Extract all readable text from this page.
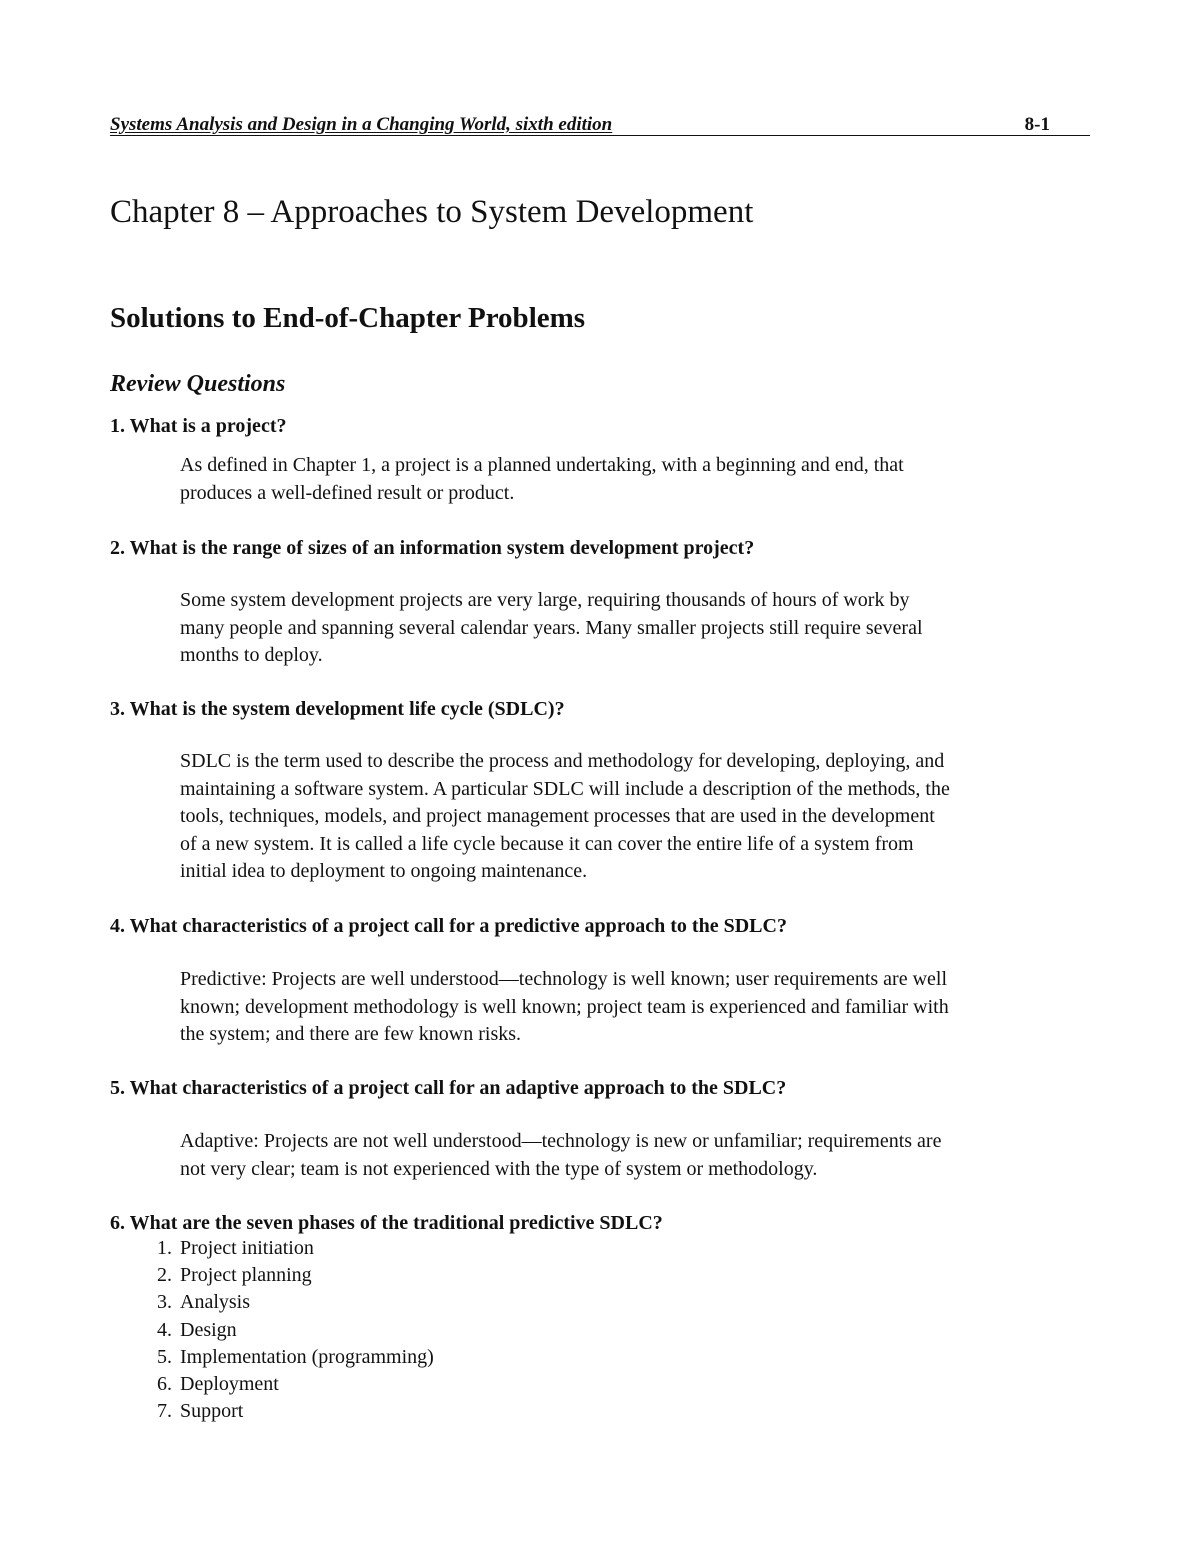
Systems Analysis and Design in a Changing World, sixth edition	8-1
Chapter 8 – Approaches to System Development
Solutions to End-of-Chapter Problems
Review Questions

1. What is a project?

As defined in Chapter 1, a project is a planned undertaking, with a beginning and end, that
produces a well-defined result or product.

2. What is the range of sizes of an information system development project?

Some system development projects are very large, requiring thousands of hours of work by
many people and spanning several calendar years. Many smaller projects still require several
months to deploy.

3. What is the system development life cycle (SDLC)?

SDLC is the term used to describe the process and methodology for developing, deploying, and
maintaining a software system. A particular SDLC will include a description of the methods, the
tools, techniques, models, and project management processes that are used in the development
of a new system. It is called a life cycle because it can cover the entire life of a system from
initial idea to deployment to ongoing maintenance.

4. What characteristics of a project call for a predictive approach to the SDLC?

Predictive: Projects are well understood—technology is well known; user requirements are well
known; development methodology is well known; project team is experienced and familiar with
the system; and there are few known risks.

5. What characteristics of a project call for an adaptive approach to the SDLC?

Adaptive: Projects are not well understood—technology is new or unfamiliar; requirements are
not very clear; team is not experienced with the type of system or methodology.

6. What are the seven phases of the traditional predictive SDLC?

1. Project initiation
2. Project planning
3. Analysis
4. Design
5. Implementation (programming)
6. Deployment
7. Support
